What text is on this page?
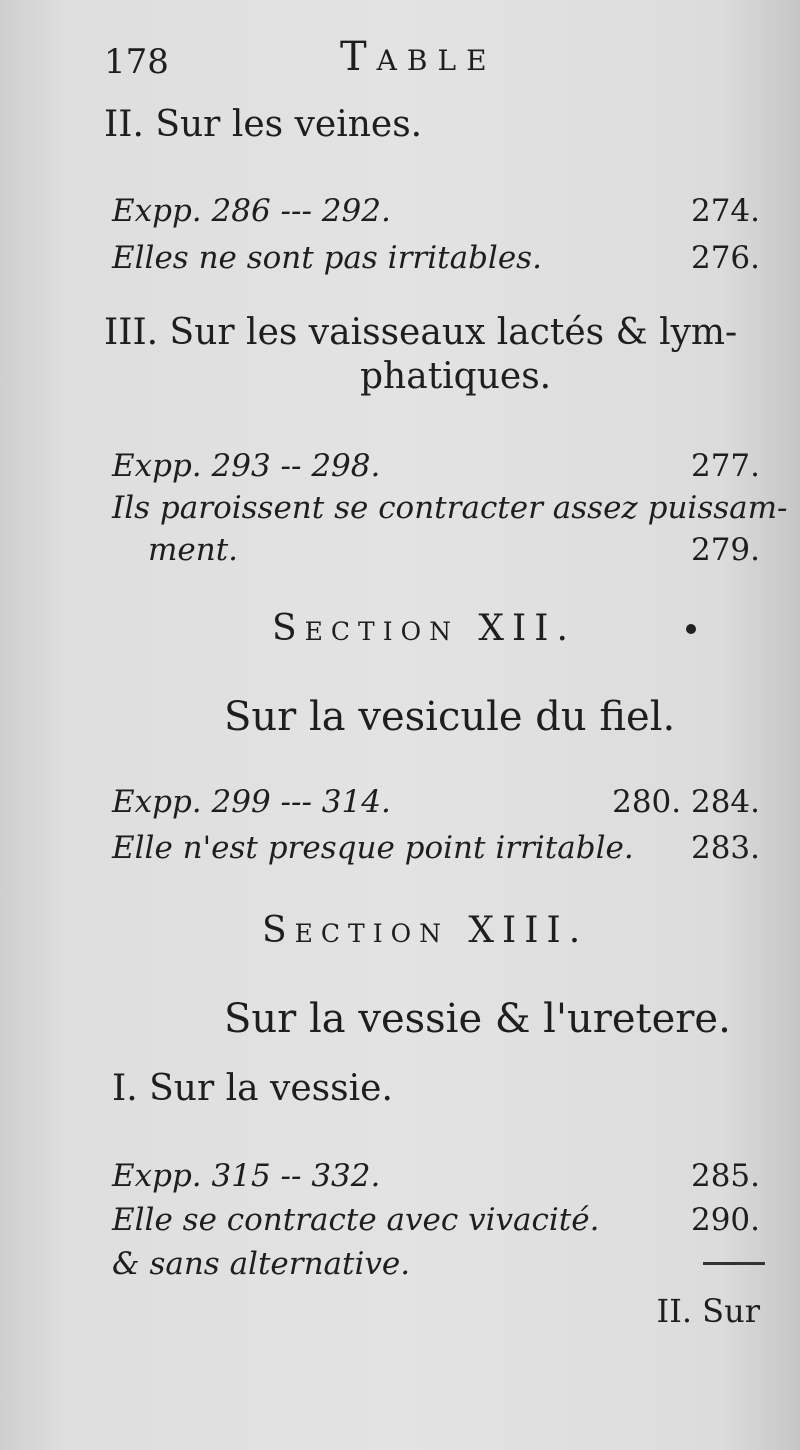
178	Table
II. Sur les veines.
Expp. 286 --- 292.	274.
Elles ne sont pas irritables.	276.
III. Sur les vaisseaux lactés & lym-
phatiques.
Expp. 293 -- 298.	277.
Ils paroissent se contracter assez puissam-
ment.	279.
Section XII.
Sur la vesicule du fiel.
Expp. 299 --- 314.	280. 284.
Elle n'est presque point irritable. 283.
Section XIII.
Sur la vessie & l'uretere.
I. Sur la vessie.
Expp. 315 -- 332.	285.
Elle se contracte avec vivacité.	290.
& sans alternative.
II. Sur
